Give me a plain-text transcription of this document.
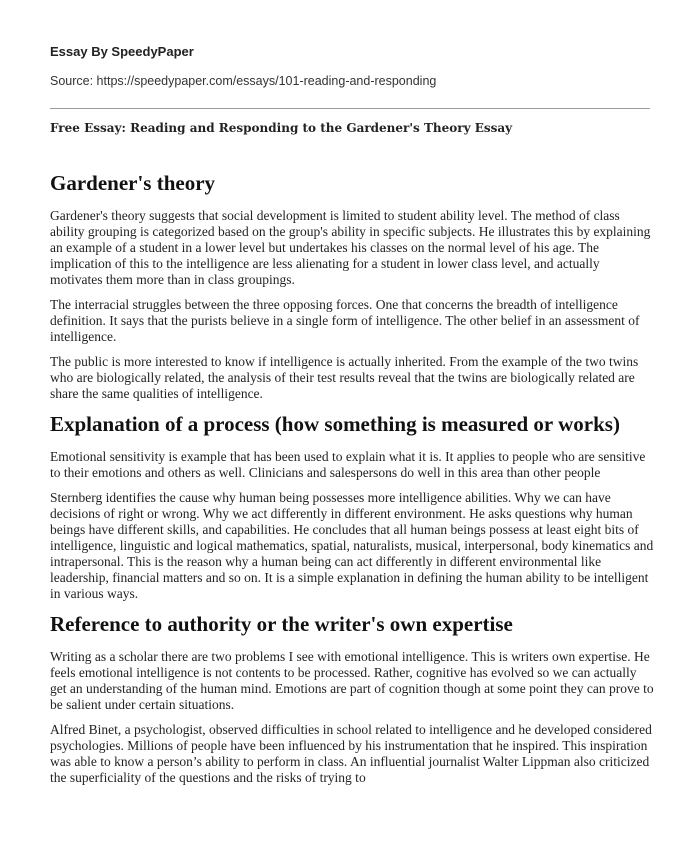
Essay By SpeedyPaper

Source: https://speedypaper.com/essays/101-reading-and-responding

Free Essay: Reading and Responding to the Gardener's Theory Essay

Gardener's theory

Gardener's theory suggests that social development is limited to student ability level. The method of class ability grouping is categorized based on the group's ability in specific subjects. He illustrates this by explaining an example of a student in a lower level but undertakes his classes on the normal level of his age. The implication of this to the intelligence are less alienating for a student in lower class level, and actually motivates them more than in class groupings.

The interracial struggles between the three opposing forces. One that concerns the breadth of intelligence definition. It says that the purists believe in a single form of intelligence. The other belief in an assessment of intelligence.

The public is more interested to know if intelligence is actually inherited. From the example of the two twins who are biologically related, the analysis of their test results reveal that the twins are biologically related are share the same qualities of intelligence.

Explanation of a process (how something is measured or works)

Emotional sensitivity is example that has been used to explain what it is. It applies to people who are sensitive to their emotions and others as well. Clinicians and salespersons do well in this area than other people

Sternberg identifies the cause why human being possesses more intelligence abilities. Why we can have decisions of right or wrong. Why we act differently in different environment. He asks questions why human beings have different skills, and capabilities. He concludes that all human beings possess at least eight bits of intelligence, linguistic and logical mathematics, spatial, naturalists, musical, interpersonal, body kinematics and intrapersonal. This is the reason why a human being can act differently in different environmental like leadership, financial matters and so on. It is a simple explanation in defining the human ability to be intelligent in various ways.

Reference to authority or the writer's own expertise

Writing as a scholar there are two problems I see with emotional intelligence. This is writers own expertise. He feels emotional intelligence is not contents to be processed. Rather, cognitive has evolved so we can actually get an understanding of the human mind. Emotions are part of cognition though at some point they can prove to be salient under certain situations.

Alfred Binet, a psychologist, observed difficulties in school related to intelligence and he developed considered psychologies. Millions of people have been influenced by his instrumentation that he inspired. This inspiration was able to know a person’s ability to perform in class. An influential journalist Walter Lippman also criticized the superficiality of the questions and the risks of trying to
